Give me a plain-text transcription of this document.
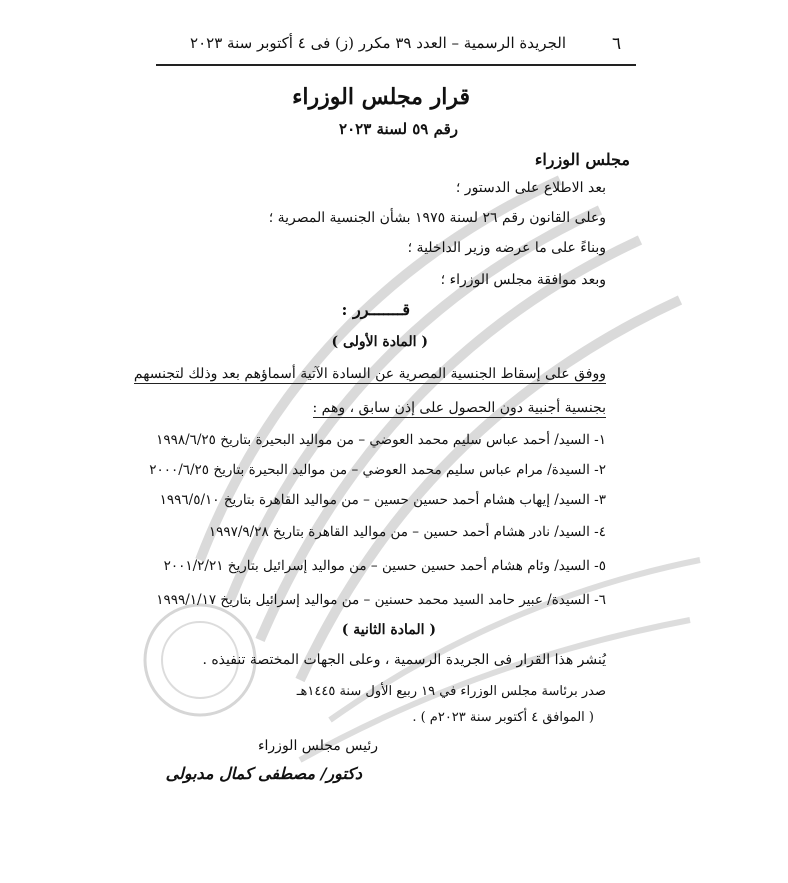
٦
الجريدة الرسمية – العدد ٣٩ مكرر (ز) فى ٤ أكتوبر سنة ٢٠٢٣
قرار مجلس الوزراء
رقم ٥٩ لسنة ٢٠٢٣
مجلس الوزراء
بعد الاطلاع على الدستور ؛
وعلى القانون رقم ٢٦ لسنة ١٩٧٥ بشأن الجنسية المصرية ؛
وبناءً على ما عرضه وزير الداخلية ؛
وبعد موافقة مجلس الوزراء ؛
قـــــــرر :
( المادة الأولى )
ووفق على إسقاط الجنسية المصرية عن السادة الآتية أسماؤهم بعد وذلك لتجنسهم
بجنسية أجنبية دون الحصول على إذن سابق ، وهم :
١- السيد/ أحمد عباس سليم محمد العوضي – من مواليد البحيرة بتاريخ ١٩٩٨/٦/٢٥
٢- السيدة/ مرام عباس سليم محمد العوضي – من مواليد البحيرة بتاريخ ٢٠٠٠/٦/٢٥
٣- السيد/ إيهاب هشام أحمد حسين حسين – من مواليد القاهرة بتاريخ ١٩٩٦/٥/١٠
٤- السيد/ نادر هشام أحمد حسين – من مواليد القاهرة بتاريخ ١٩٩٧/٩/٢٨
٥- السيد/ وئام هشام أحمد حسين حسين – من مواليد إسرائيل بتاريخ ٢٠٠١/٢/٢١
٦- السيدة/ عبير حامد السيد محمد حسنين – من مواليد إسرائيل بتاريخ ١٩٩٩/١/١٧
( المادة الثانية )
يُنشر هذا القرار فى الجريدة الرسمية ، وعلى الجهات المختصة تنفيذه .
صدر برئاسة مجلس الوزراء في ١٩ ربيع الأول سنة ١٤٤٥هـ
( الموافق ٤ أكتوبر سنة ٢٠٢٣م ) .
رئيس مجلس الوزراء
دكتور/ مصطفى كمال مدبولى
